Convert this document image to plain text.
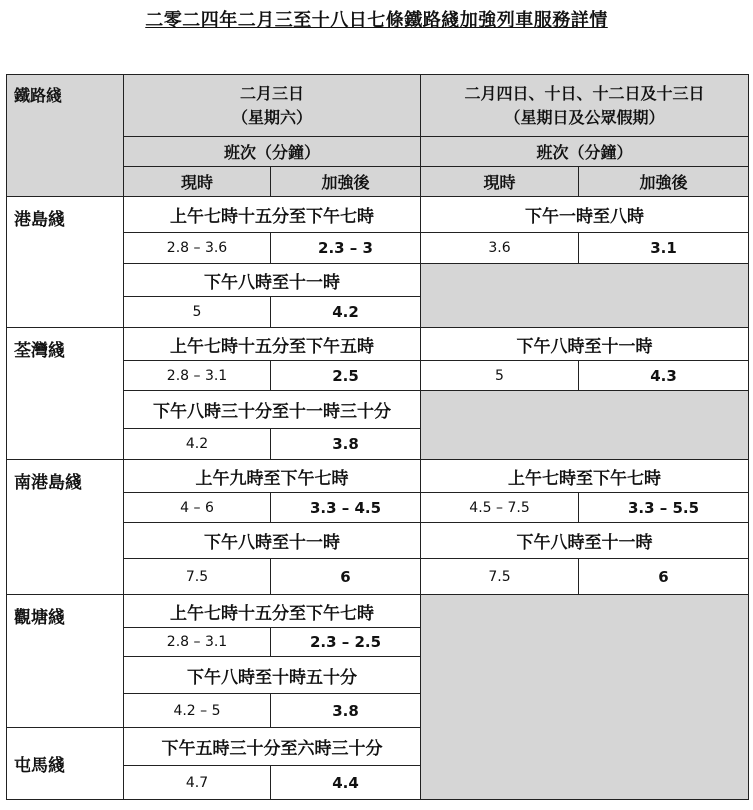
二零二四年二月三至十八日七條鐵路綫加強列車服務詳情
鐵路綫	二月三日
（星期六）		二月四日、十日、十二日及十三日
（星期日及公眾假期）	

	班次（分鐘）		班次（分鐘）	
	現時	加強後	現時	加強後
港島綫	上午七時十五分至下午七時		下午一時至八時	
	2.8 – 3.6	2.3 – 3	3.6	3.1
	下午八時至十一時			
	5	4.2		
荃灣綫	上午七時十五分至下午五時		下午八時至十一時	
	2.8 – 3.1	2.5	5	4.3
	下午八時三十分至十一時三十分			
	4.2	3.8		
南港島綫	上午九時至下午七時		上午七時至下午七時	
	4 – 6	3.3 – 4.5	4.5 – 7.5	3.3 – 5.5
	下午八時至十一時		下午八時至十一時	
	7.5	6	7.5	6
觀塘綫	上午七時十五分至下午七時			
	2.8 – 3.1	2.3 – 2.5		
	下午八時至十時五十分			
	4.2 – 5	3.8		
屯馬綫	下午五時三十分至六時三十分			
	4.7	4.4		
